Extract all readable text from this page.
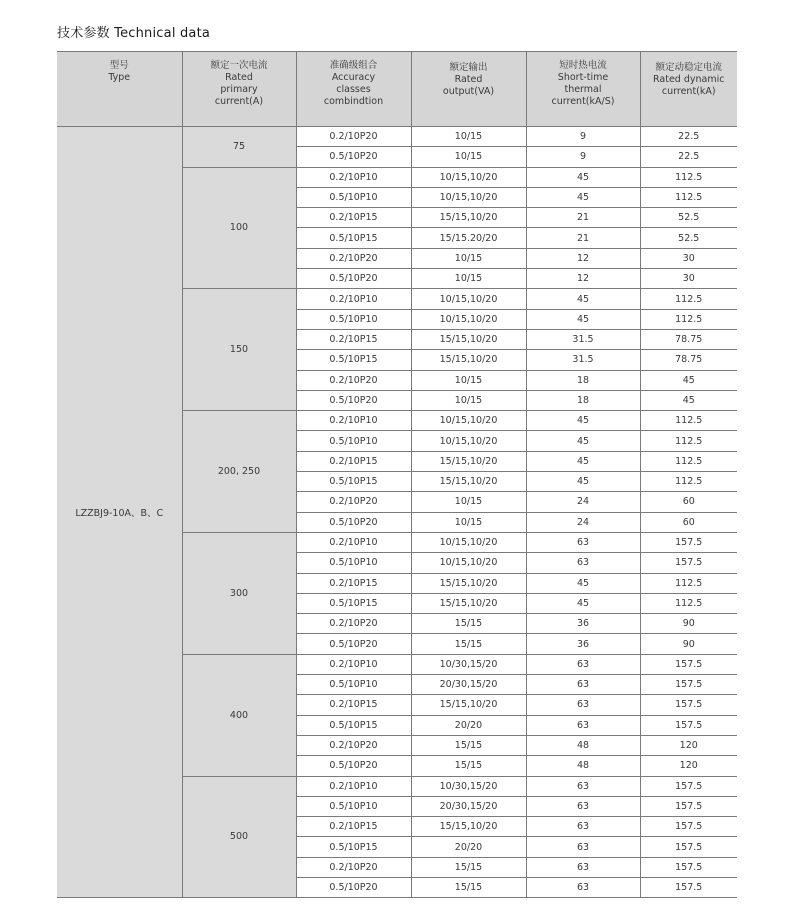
技术参数 Technical data
型号
Type	额定一次电流
Rated
primary
current(A)	准确级组合
Accuracy
classes
combindtion	额定输出
Rated
output(VA)	短时热电流
Short-time
thermal
current(kA/S)	额定动稳定电流
Rated dynamic
current(kA)

LZZBJ9-10A、B、C	75	0.2/10P20	10/15	9	22.5
		0.5/10P20	10/15	9	22.5
	100	0.2/10P10	10/15,10/20	45	112.5
		0.5/10P10	10/15,10/20	45	112.5
		0.2/10P15	15/15,10/20	21	52.5
		0.5/10P15	15/15.20/20	21	52.5
		0.2/10P20	10/15	12	30
		0.5/10P20	10/15	12	30
	150	0.2/10P10	10/15,10/20	45	112.5
		0.5/10P10	10/15,10/20	45	112.5
		0.2/10P15	15/15,10/20	31.5	78.75
		0.5/10P15	15/15,10/20	31.5	78.75
		0.2/10P20	10/15	18	45
		0.5/10P20	10/15	18	45
	200, 250	0.2/10P10	10/15,10/20	45	112.5
		0.5/10P10	10/15,10/20	45	112.5
		0.2/10P15	15/15,10/20	45	112.5
		0.5/10P15	15/15,10/20	45	112.5
		0.2/10P20	10/15	24	60
		0.5/10P20	10/15	24	60
	300	0.2/10P10	10/15,10/20	63	157.5
		0.5/10P10	10/15,10/20	63	157.5
		0.2/10P15	15/15,10/20	45	112.5
		0.5/10P15	15/15,10/20	45	112.5
		0.2/10P20	15/15	36	90
		0.5/10P20	15/15	36	90
	400	0.2/10P10	10/30,15/20	63	157.5
		0.5/10P10	20/30,15/20	63	157.5
		0.2/10P15	15/15,10/20	63	157.5
		0.5/10P15	20/20	63	157.5
		0.2/10P20	15/15	48	120
		0.5/10P20	15/15	48	120
	500	0.2/10P10	10/30,15/20	63	157.5
		0.5/10P10	20/30,15/20	63	157.5
		0.2/10P15	15/15,10/20	63	157.5
		0.5/10P15	20/20	63	157.5
		0.2/10P20	15/15	63	157.5
		0.5/10P20	15/15	63	157.5
